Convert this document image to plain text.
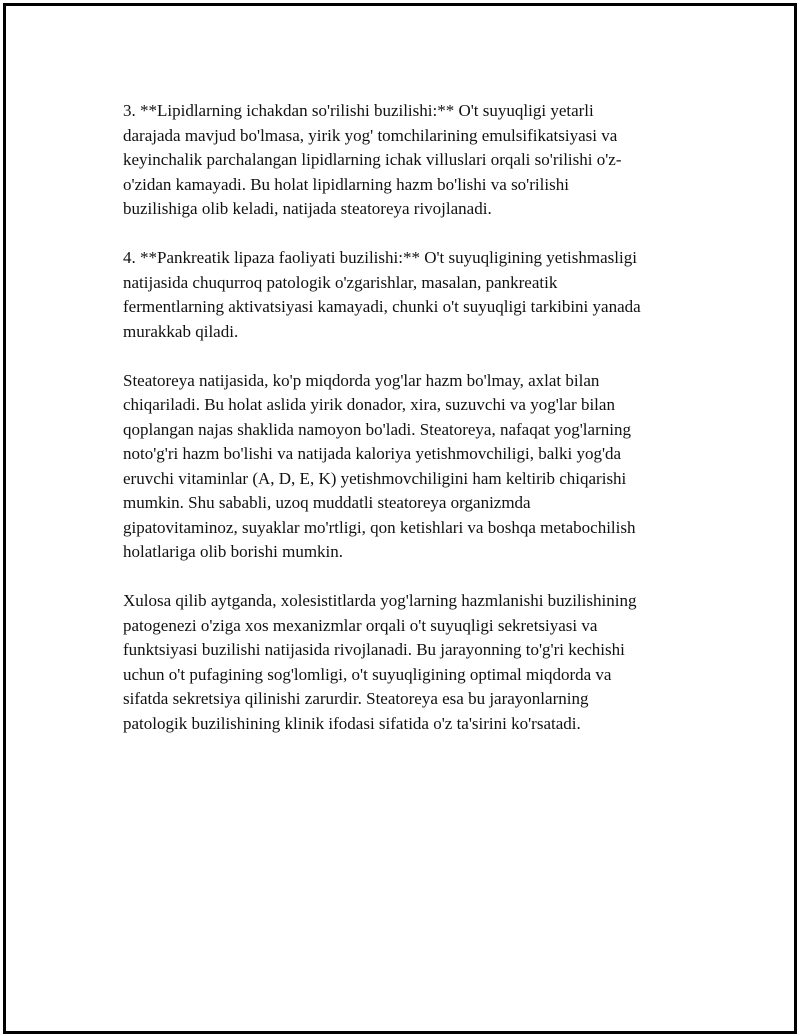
3. **Lipidlarning ichakdan so'rilishi buzilishi:** O't suyuqligi yetarli
darajada mavjud bo'lmasa, yirik yog' tomchilarining emulsifikatsiyasi va
keyinchalik parchalangan lipidlarning ichak villuslari orqali so'rilishi o'z-
o'zidan kamayadi. Bu holat lipidlarning hazm bo'lishi va so'rilishi
buzilishiga olib keladi, natijada steatoreya rivojlanadi.

4. **Pankreatik lipaza faoliyati buzilishi:** O't suyuqligining yetishmasligi
natijasida chuqurroq patologik o'zgarishlar, masalan, pankreatik
fermentlarning aktivatsiyasi kamayadi, chunki o't suyuqligi tarkibini yanada
murakkab qiladi.

Steatoreya natijasida, ko'p miqdorda yog'lar hazm bo'lmay, axlat bilan
chiqariladi. Bu holat aslida yirik donador, xira, suzuvchi va yog'lar bilan
qoplangan najas shaklida namoyon bo'ladi. Steatoreya, nafaqat yog'larning
noto'g'ri hazm bo'lishi va natijada kaloriya yetishmovchiligi, balki yog'da
eruvchi vitaminlar (A, D, E, K) yetishmovchiligini ham keltirib chiqarishi
mumkin. Shu sababli, uzoq muddatli steatoreya organizmda
gipatovitaminoz, suyaklar mo'rtligi, qon ketishlari va boshqa metabochilish
holatlariga olib borishi mumkin.

Xulosa qilib aytganda, xolesistitlarda yog'larning hazmlanishi buzilishining
patogenezi o'ziga xos mexanizmlar orqali o't suyuqligi sekretsiyasi va
funktsiyasi buzilishi natijasida rivojlanadi. Bu jarayonning to'g'ri kechishi
uchun o't pufagining sog'lomligi, o't suyuqligining optimal miqdorda va
sifatda sekretsiya qilinishi zarurdir. Steatoreya esa bu jarayonlarning
patologik buzilishining klinik ifodasi sifatida o'z ta'sirini ko'rsatadi.
